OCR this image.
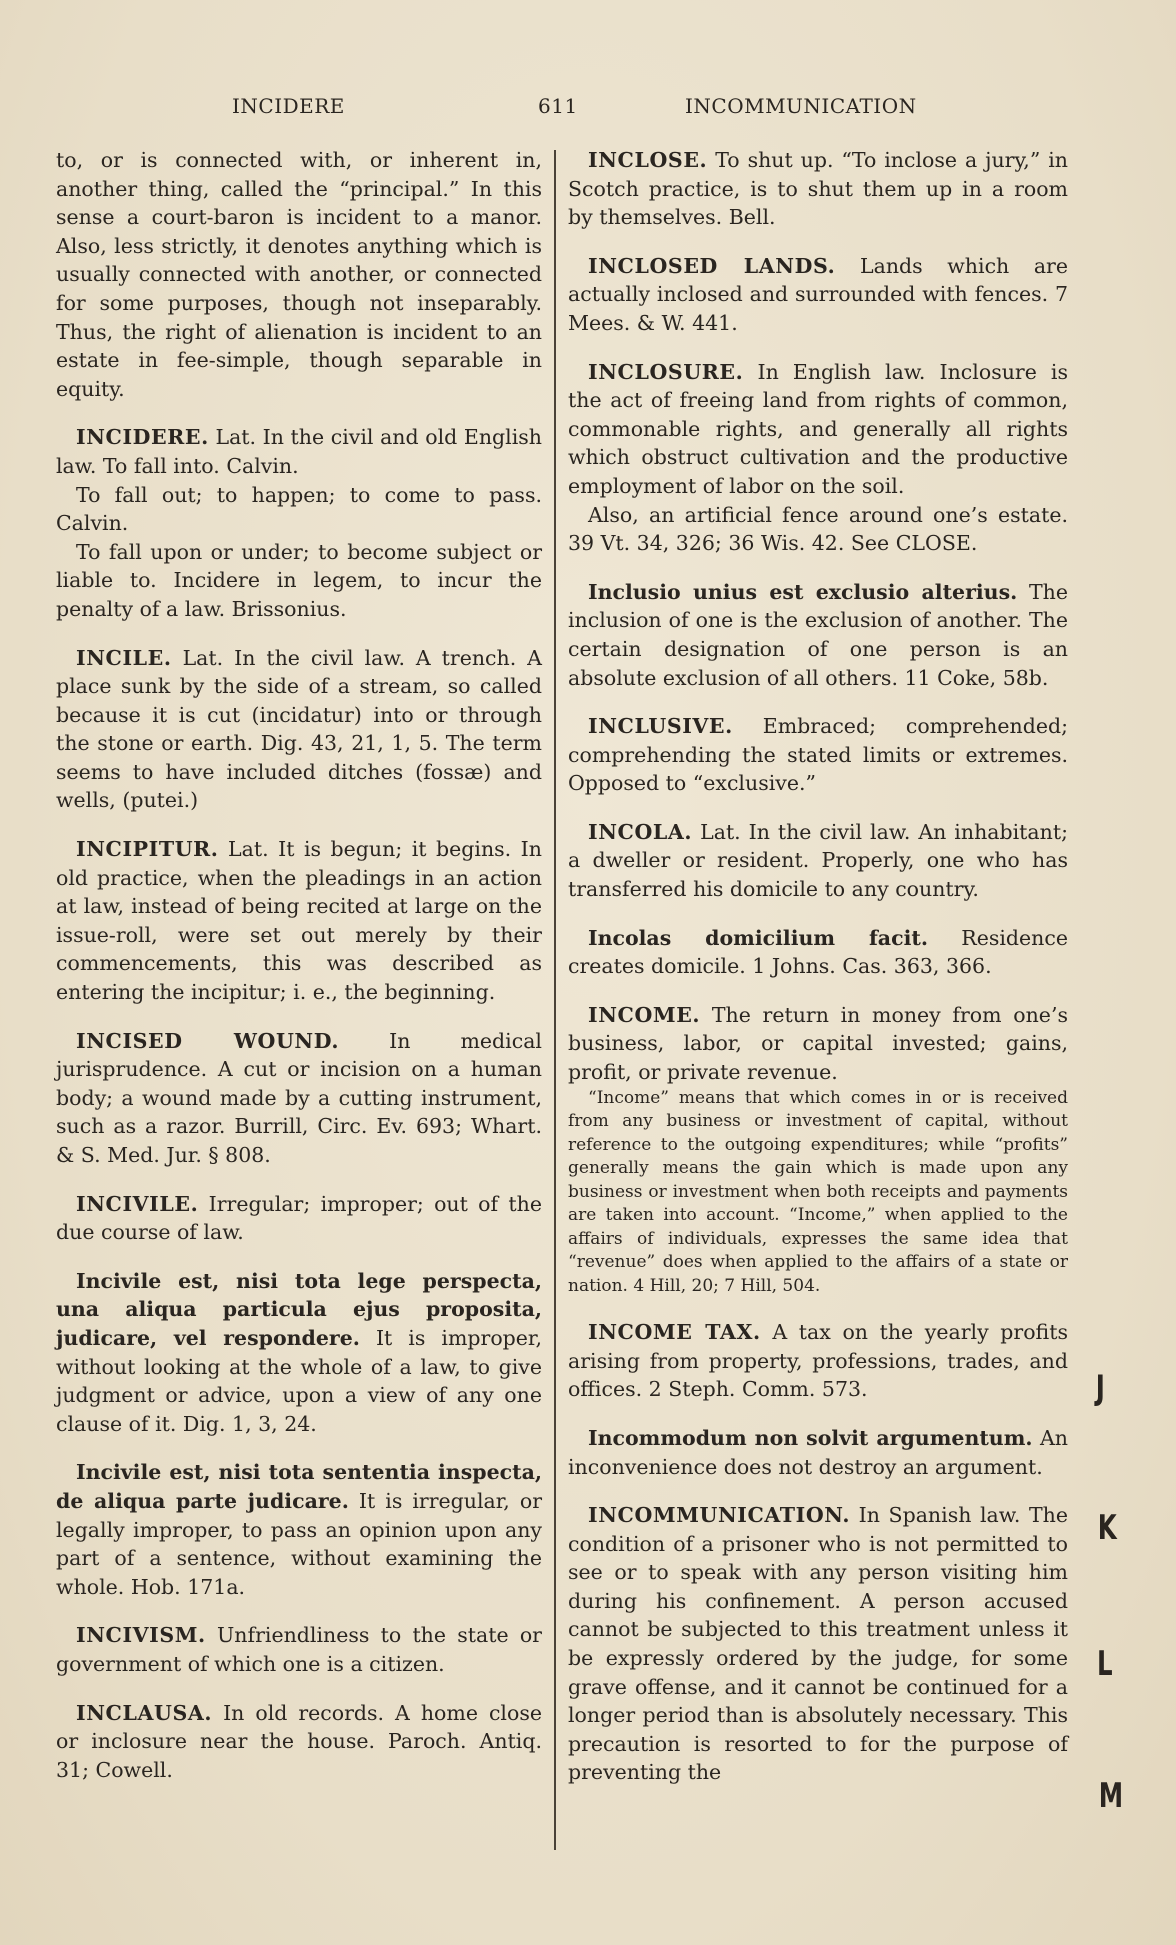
INCIDERE	611	INCOMMUNICATION
to, or is connected with, or inherent in, another thing, called the “principal.” In this sense a court-baron is incident to a manor. Also, less strictly, it denotes anything which is usually connected with another, or connected for some purposes, though not inseparably. Thus, the right of alienation is incident to an estate in fee-simple, though separable in equity.

INCIDERE. Lat. In the civil and old English law. To fall into. Calvin.

To fall out; to happen; to come to pass. Calvin.

To fall upon or under; to become subject or liable to. Incidere in legem, to incur the penalty of a law. Brissonius.

INCILE. Lat. In the civil law. A trench. A place sunk by the side of a stream, so called because it is cut (incidatur) into or through the stone or earth. Dig. 43, 21, 1, 5. The term seems to have included ditches (fossæ) and wells, (putei.)
INCIPITUR. Lat. It is begun; it begins. In old practice, when the pleadings in an action at law, instead of being recited at large on the issue-roll, were set out merely by their commencements, this was described as entering the incipitur; i. e., the beginning.
INCISED WOUND. In medical jurisprudence. A cut or incision on a human body; a wound made by a cutting instrument, such as a razor. Burrill, Circ. Ev. 693; Whart. & S. Med. Jur. § 808.
INCIVILE. Irregular; improper; out of the due course of law.
Incivile est, nisi tota lege perspecta, una aliqua particula ejus proposita, judicare, vel respondere. It is improper, without looking at the whole of a law, to give judgment or advice, upon a view of any one clause of it. Dig. 1, 3, 24.
Incivile est, nisi tota sententia inspecta, de aliqua parte judicare. It is irregular, or legally improper, to pass an opinion upon any part of a sentence, without examining the whole. Hob. 171a.
INCIVISM. Unfriendliness to the state or government of which one is a citizen.
INCLAUSA. In old records. A home close or inclosure near the house. Paroch. Antiq. 31; Cowell.
INCLOSE. To shut up. “To inclose a jury,” in Scotch practice, is to shut them up in a room by themselves. Bell.
INCLOSED LANDS. Lands which are actually inclosed and surrounded with fences. 7 Mees. & W. 441.

INCLOSURE. In English law. Inclosure is the act of freeing land from rights of common, commonable rights, and generally all rights which obstruct cultivation and the productive employment of labor on the soil.

Also, an artificial fence around one’s estate. 39 Vt. 34, 326; 36 Wis. 42. See CLOSE.

Inclusio unius est exclusio alterius. The inclusion of one is the exclusion of another. The certain designation of one person is an absolute exclusion of all others. 11 Coke, 58b.
INCLUSIVE. Embraced; comprehended; comprehending the stated limits or extremes. Opposed to “exclusive.”
INCOLA. Lat. In the civil law. An inhabitant; a dweller or resident. Properly, one who has transferred his domicile to any country.
Incolas domicilium facit. Residence creates domicile. 1 Johns. Cas. 363, 366.

INCOME. The return in money from one’s business, labor, or capital invested; gains, profit, or private revenue.

“Income” means that which comes in or is received from any business or investment of capital, without reference to the outgoing expenditures; while “profits” generally means the gain which is made upon any business or investment when both receipts and payments are taken into account. “Income,” when applied to the affairs of individuals, expresses the same idea that “revenue” does when applied to the affairs of a state or nation. 4 Hill, 20; 7 Hill, 504.

INCOME TAX. A tax on the yearly profits arising from property, professions, trades, and offices. 2 Steph. Comm. 573.
Incommodum non solvit argumentum. An inconvenience does not destroy an argument.
INCOMMUNICATION. In Spanish law. The condition of a prisoner who is not permitted to see or to speak with any person visiting him during his confinement. A person accused cannot be subjected to this treatment unless it be expressly ordered by the judge, for some grave offense, and it cannot be continued for a longer period than is absolutely necessary. This precaution is resorted to for the purpose of preventing the
J
K
L
M
